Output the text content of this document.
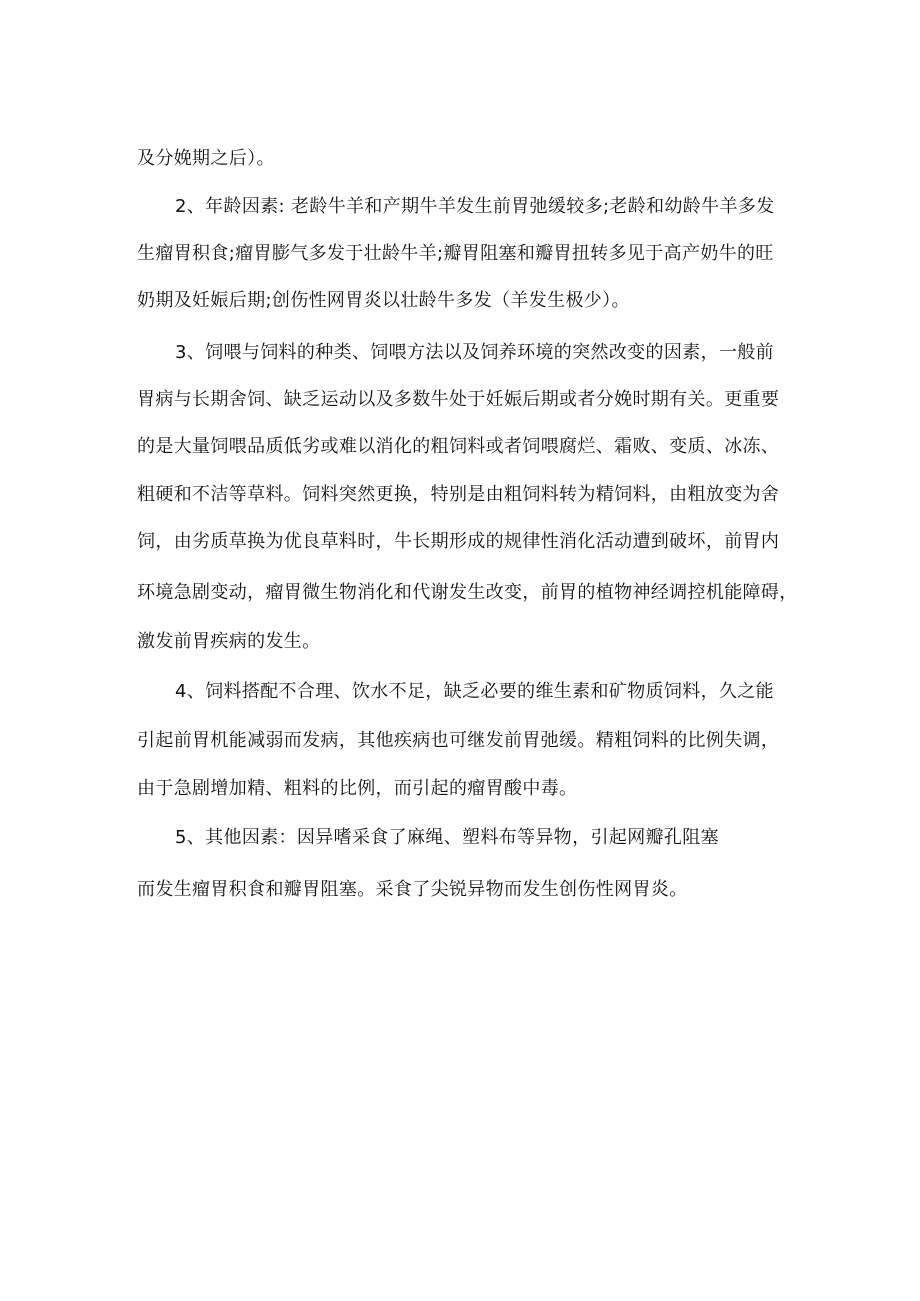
及分娩期之后）。
2、年龄因素: 老龄牛羊和产期牛羊发生前胃弛缓较多;老龄和幼龄牛羊多发
生瘤胃积食;瘤胃膨气多发于壮龄牛羊;瓣胃阻塞和瓣胃扭转多见于高产奶牛的旺
奶期及妊娠后期;创伤性网胃炎以壮龄牛多发（羊发生极少）。
3、饲喂与饲料的种类、饲喂方法以及饲养环境的突然改变的因素，一般前
胃病与长期舍饲、缺乏运动以及多数牛处于妊娠后期或者分娩时期有关。更重要
的是大量饲喂品质低劣或难以消化的粗饲料或者饲喂腐烂、霜败、变质、冰冻、
粗硬和不洁等草料。饲料突然更换，特别是由粗饲料转为精饲料，由粗放变为舍
饲，由劣质草换为优良草料时，牛长期形成的规律性消化活动遭到破坏，前胃内
环境急剧变动，瘤胃微生物消化和代谢发生改变，前胃的植物神经调控机能障碍，
激发前胃疾病的发生。
4、饲料搭配不合理、饮水不足，缺乏必要的维生素和矿物质饲料，久之能
引起前胃机能减弱而发病，其他疾病也可继发前胃弛缓。精粗饲料的比例失调，
由于急剧增加精、粗料的比例，而引起的瘤胃酸中毒。
5、其他因素：因异嗜采食了麻绳、塑料布等异物，引起网瓣孔阻塞
而发生瘤胃积食和瓣胃阻塞。采食了尖锐异物而发生创伤性网胃炎。
